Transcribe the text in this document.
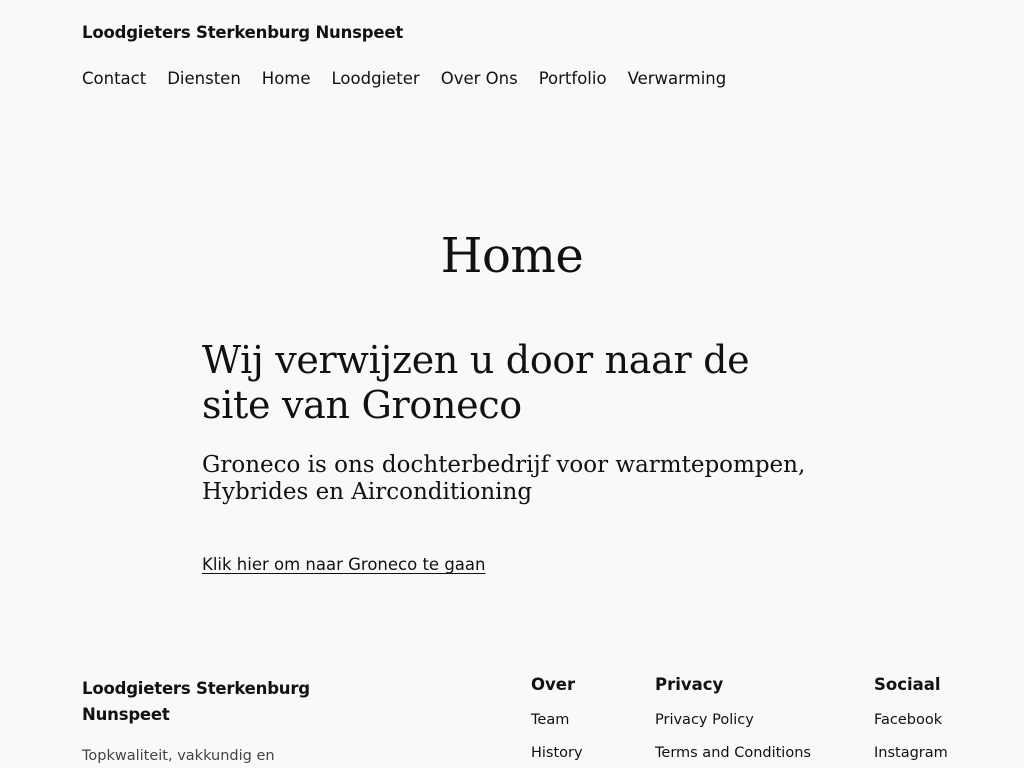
Loodgieters Sterkenburg Nunspeet
Contact Diensten Home Loodgieter Over Ons Portfolio Verwarming
Home
Wij verwijzen u door naar de site van Groneco
Groneco is ons dochterbedrijf voor warmtepompen, Hybrides en Airconditioning
Klik hier om naar Groneco te gaan
Loodgieters Sterkenburg Nunspeet
Topkwaliteit, vakkundig en
Over
Team
History
Privacy
Privacy Policy
Terms and Conditions
Sociaal
Facebook
Instagram
